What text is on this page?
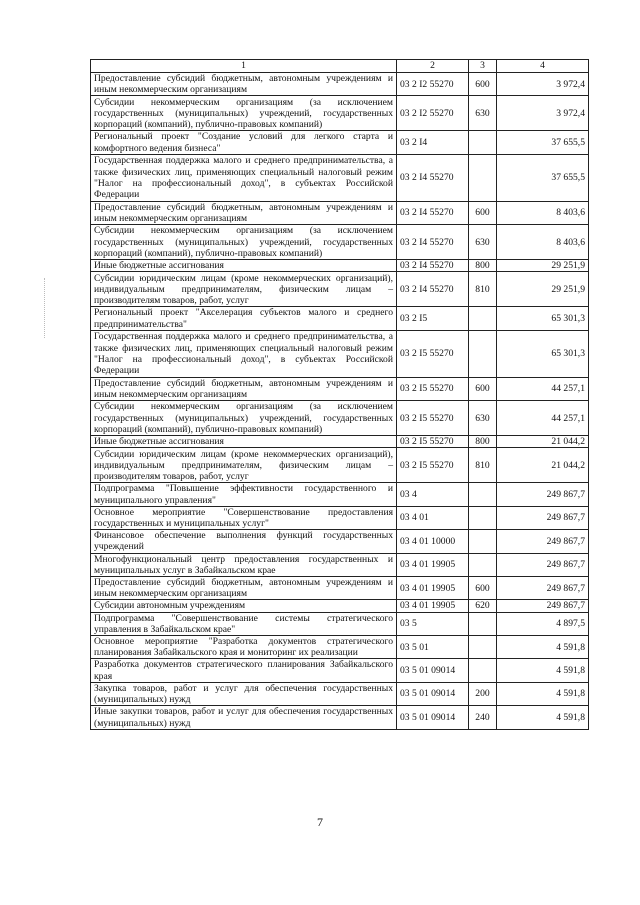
1	2	3	4
Предоставление субсидий бюджетным, автономным учреждениям и иным некоммерческим организациям	03 2 I2 55270	600	3 972,4
Субсидии некоммерческим организациям (за исключением государственных (муниципальных) учреждений, государственных корпораций (компаний), публично-правовых компаний)	03 2 I2 55270	630	3 972,4
Региональный проект "Создание условий для легкого старта и комфортного ведения бизнеса"	03 2 I4		37 655,5
Государственная поддержка малого и среднего предпринимательства, а также физических лиц, применяющих специальный налоговый режим "Налог на профессиональный доход", в субъектах Российской Федерации	03 2 I4 55270		37 655,5
Предоставление субсидий бюджетным, автономным учреждениям и иным некоммерческим организациям	03 2 I4 55270	600	8 403,6
Субсидии некоммерческим организациям (за исключением государственных (муниципальных) учреждений, государственных корпораций (компаний), публично-правовых компаний)	03 2 I4 55270	630	8 403,6
Иные бюджетные ассигнования	03 2 I4 55270	800	29 251,9
Субсидии юридическим лицам (кроме некоммерческих организаций), индивидуальным предпринимателям, физическим лицам – производителям товаров, работ, услуг	03 2 I4 55270	810	29 251,9
Региональный проект "Акселерация субъектов малого и среднего предпринимательства"	03 2 I5		65 301,3
Государственная поддержка малого и среднего предпринимательства, а также физических лиц, применяющих специальный налоговый режим "Налог на профессиональный доход", в субъектах Российской Федерации	03 2 I5 55270		65 301,3
Предоставление субсидий бюджетным, автономным учреждениям и иным некоммерческим организациям	03 2 I5 55270	600	44 257,1
Субсидии некоммерческим организациям (за исключением государственных (муниципальных) учреждений, государственных корпораций (компаний), публично-правовых компаний)	03 2 I5 55270	630	44 257,1
Иные бюджетные ассигнования	03 2 I5 55270	800	21 044,2
Субсидии юридическим лицам (кроме некоммерческих организаций), индивидуальным предпринимателям, физическим лицам – производителям товаров, работ, услуг	03 2 I5 55270	810	21 044,2
Подпрограмма "Повышение эффективности государственного и муниципального управления"	03 4		249 867,7
Основное мероприятие "Совершенствование предоставления государственных и муниципальных услуг"	03 4 01		249 867,7
Финансовое обеспечение выполнения функций государственных учреждений	03 4 01 10000		249 867,7
Многофункциональный центр предоставления государственных и муниципальных услуг в Забайкальском крае	03 4 01 19905		249 867,7
Предоставление субсидий бюджетным, автономным учреждениям и иным некоммерческим организациям	03 4 01 19905	600	249 867,7
Субсидии автономным учреждениям	03 4 01 19905	620	249 867,7
Подпрограмма "Совершенствование системы стратегического управления в Забайкальском крае"	03 5		4 897,5
Основное мероприятие "Разработка документов стратегического планирования Забайкальского края и мониторинг их реализации	03 5 01		4 591,8
Разработка документов стратегического планирования Забайкальского края	03 5 01 09014		4 591,8
Закупка товаров, работ и услуг для обеспечения государственных (муниципальных) нужд	03 5 01 09014	200	4 591,8
Иные закупки товаров, работ и услуг для обеспечения государственных (муниципальных) нужд	03 5 01 09014	240	4 591,8
7
